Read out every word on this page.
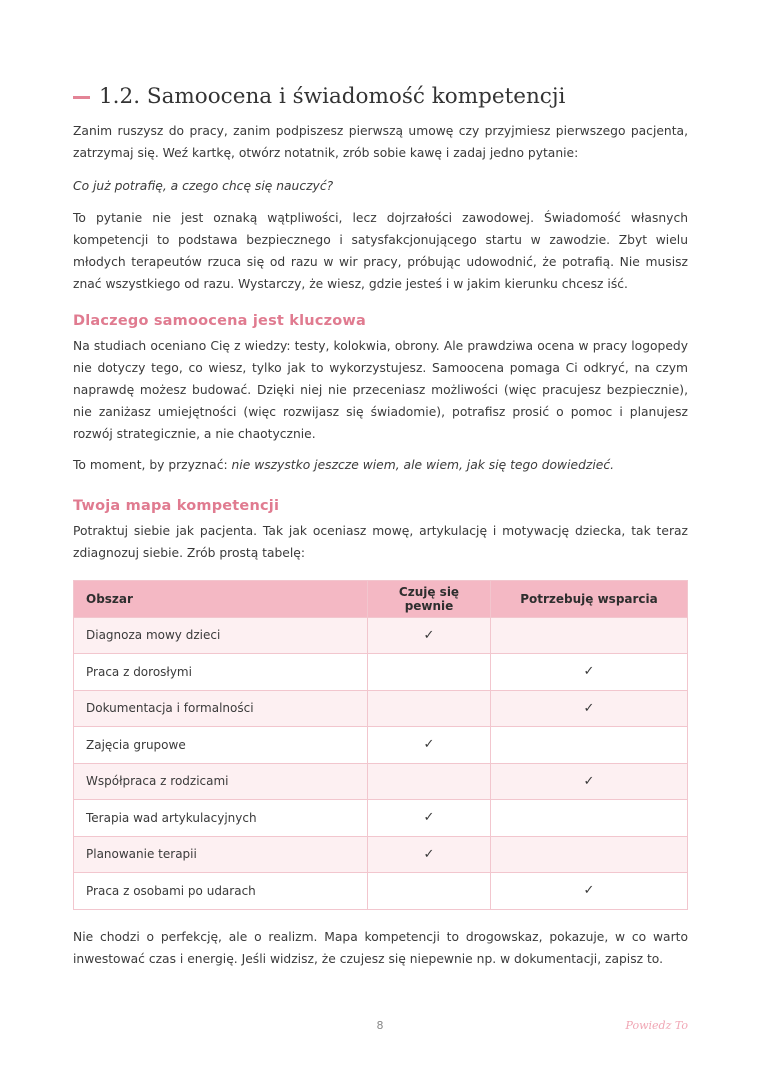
1.2. Samoocena i świadomość kompetencji

Zanim ruszysz do pracy, zanim podpiszesz pierwszą umowę czy przyjmiesz pierwszego pacjenta, zatrzymaj się. Weź kartkę, otwórz notatnik, zrób sobie kawę i zadaj jedno pytanie:

Co już potrafię, a czego chcę się nauczyć?

To pytanie nie jest oznaką wątpliwości, lecz dojrzałości zawodowej. Świadomość własnych kompetencji to podstawa bezpiecznego i satysfakcjonującego startu w zawodzie. Zbyt wielu młodych terapeutów rzuca się od razu w wir pracy, próbując udowodnić, że potrafią. Nie musisz znać wszystkiego od razu. Wystarczy, że wiesz, gdzie jesteś i w jakim kierunku chcesz iść.

Dlaczego samoocena jest kluczowa

Na studiach oceniano Cię z wiedzy: testy, kolokwia, obrony. Ale prawdziwa ocena w pracy logopedy nie dotyczy tego, co wiesz, tylko jak to wykorzystujesz. Samoocena pomaga Ci odkryć, na czym naprawdę możesz budować. Dzięki niej nie przeceniasz możliwości (więc pracujesz bezpiecznie), nie zaniżasz umiejętności (więc rozwijasz się świadomie), potrafisz prosić o pomoc i planujesz rozwój strategicznie, a nie chaotycznie.

To moment, by przyznać: nie wszystko jeszcze wiem, ale wiem, jak się tego dowiedzieć.

Twoja mapa kompetencji

Potraktuj siebie jak pacjenta. Tak jak oceniasz mowę, artykulację i motywację dziecka, tak teraz zdiagnozuj siebie. Zrób prostą tabelę:

Obszar	Czuję się pewnie	Potrzebuję wsparcia
Diagnoza mowy dzieci	✓	
Praca z dorosłymi		✓
Dokumentacja i formalności		✓
Zajęcia grupowe	✓	
Współpraca z rodzicami		✓
Terapia wad artykulacyjnych	✓	
Planowanie terapii	✓	
Praca z osobami po udarach		✓

Nie chodzi o perfekcję, ale o realizm. Mapa kompetencji to drogowskaz, pokazuje, w co warto inwestować czas i energię. Jeśli widzisz, że czujesz się niepewnie np. w dokumentacji, zapisz to.

8	Powiedz To
